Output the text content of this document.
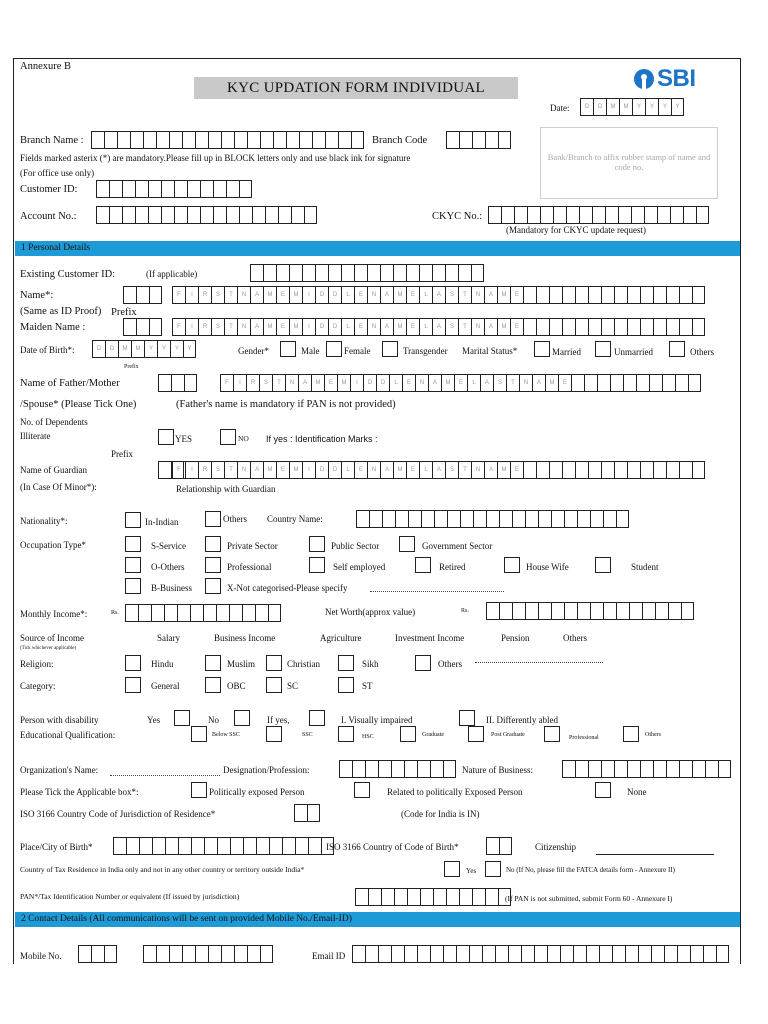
Annexure B
KYC UPDATION FORM INDIVIDUAL	SBI
Date:	D	D	M	M	Y	Y	Y	Y
Branch Name :	Branch Code
Bank/Branch to affix rubber stamp of name and code no.
Fields marked asterix (*) are mandatory.Please fill up in BLOCK letters only and use black ink for signature
(For office use only)
Customer ID:
Account No.:	CKYC No.:
(Mandatory for CKYC update request)
1 Personal Details
Existing Customer ID:	(If applicable)
Name*:	F	I	R	S	T	N	A	M	E	M	I	D	D	L	E	N	A	M	E	L	A	S	T	N	A	M	E
(Same as ID Proof) Prefix
Maiden Name :	F	I	R	S	T	N	A	M	E	M	I	D	D	L	E	N	A	M	E	L	A	S	T	N	A	M	E
Date of Birth*:	D	D	M	M	Y	Y	Y	Y	Gender*	Male	Female	Transgender Marital Status*	Married	Unmarried	Others
Prefix
Name of Father/Mother	F	I	R	S	T	N	A	M	E	M	I	D	D	L	E	N	A	M	E	L	A	S	T	N	A	M	E
/Spouse* (Please Tick One)	(Father's name is mandatory if PAN is not provided)
No. of Dependents
Illiterate	YES	NO If yes : Identification Marks :
Prefix
Name of Guardian	F	I	R	S	T	N	A	M	E	M	I	D	D	L	E	N	A	M	E	L	A	S	T	N	A	M	E
(In Case Of Minor*):	Relationship with Guardian
Nationality*:	In-Indian	Others Country Name:
Occupation Type*	S-Service	Private Sector	Public Sector	Government Sector
O-Others	Professional	Self employed	Retired	House Wife	Student
B-Business	X-Not categorised-Please specify
Monthly Income*:	Rs.	Net Worth(approx value)	Rs.
Source of Income
(Tick whichever applicable)
Salary	Business Income	Agriculture	Investment Income	Pension	Others
Religion:	Hindu	Muslim	Christian	Sikh	Others
Category:	General	OBC	SC	ST
Person with disability	Yes	No	If yes,	I. Visually impaired	II. Differently abled
Educational Qualification:	Below SSC	SSC	HSC	Graduate	Post Graduate	Professional	Others
Organization's Name:	Designation/Profession:	Nature of Business:
Please Tick the Applicable box*:	Politically exposed Person	Related to politically Exposed Person	None
ISO 3166 Country Code of Jurisdiction of Residence*	(Code for India is IN)
Place/City of Birth*	ISO 3166 Country of Code of Birth*	Citizenship
Country of Tax Residence in India only and not in any other country or territory outside India*	Yes	No (If No, please fill the FATCA details form - Annexure II)
PAN*/Tax Identification Number or equivalent (If issued by jurisdiction)	(If PAN is not submitted, submit Form 60 - Annexure I)
2 Contact Details (All communications will be sent on provided Mobile No./Email-ID)
Mobile No.	Email ID
